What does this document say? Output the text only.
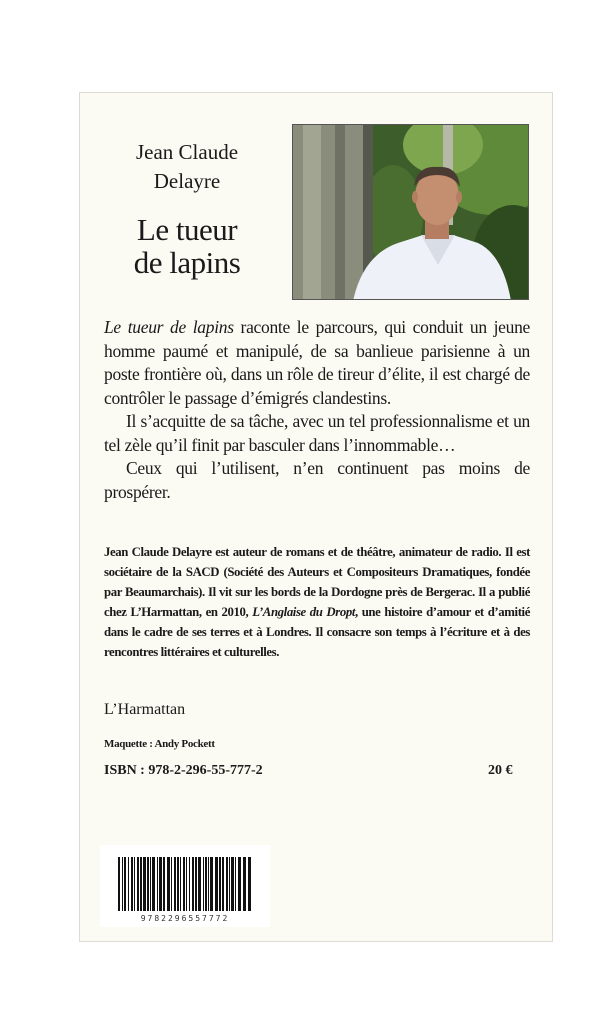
Jean Claude
Delayre
Le tueur
de lapins

Le tueur de lapins raconte le parcours, qui conduit un jeune homme paumé et manipulé, de sa banlieue parisienne à un poste frontière où, dans un rôle de tireur d’élite, il est chargé de contrôler le passage d’émigrés clandestins.

Il s’acquitte de sa tâche, avec un tel professionnalisme et un tel zèle qu’il finit par basculer dans l’innommable…

Ceux qui l’utilisent, n’en continuent pas moins de prospérer.

Jean Claude Delayre est auteur de romans et de théâtre, animateur de radio. Il est sociétaire de la SACD (Société des Auteurs et Compositeurs Dramatiques, fondée par Beaumarchais). Il vit sur les bords de la Dordogne près de Bergerac. Il a publié chez L’Harmattan, en 2010, L’Anglaise du Dropt, une histoire d’amour et d’amitié dans le cadre de ses terres et à Londres. Il consacre son temps à l’écriture et à des rencontres littéraires et culturelles.
L’Harmattan
Maquette : Andy Pockett
ISBN : 978-2-296-55-777-2	20 €
9782296557772
